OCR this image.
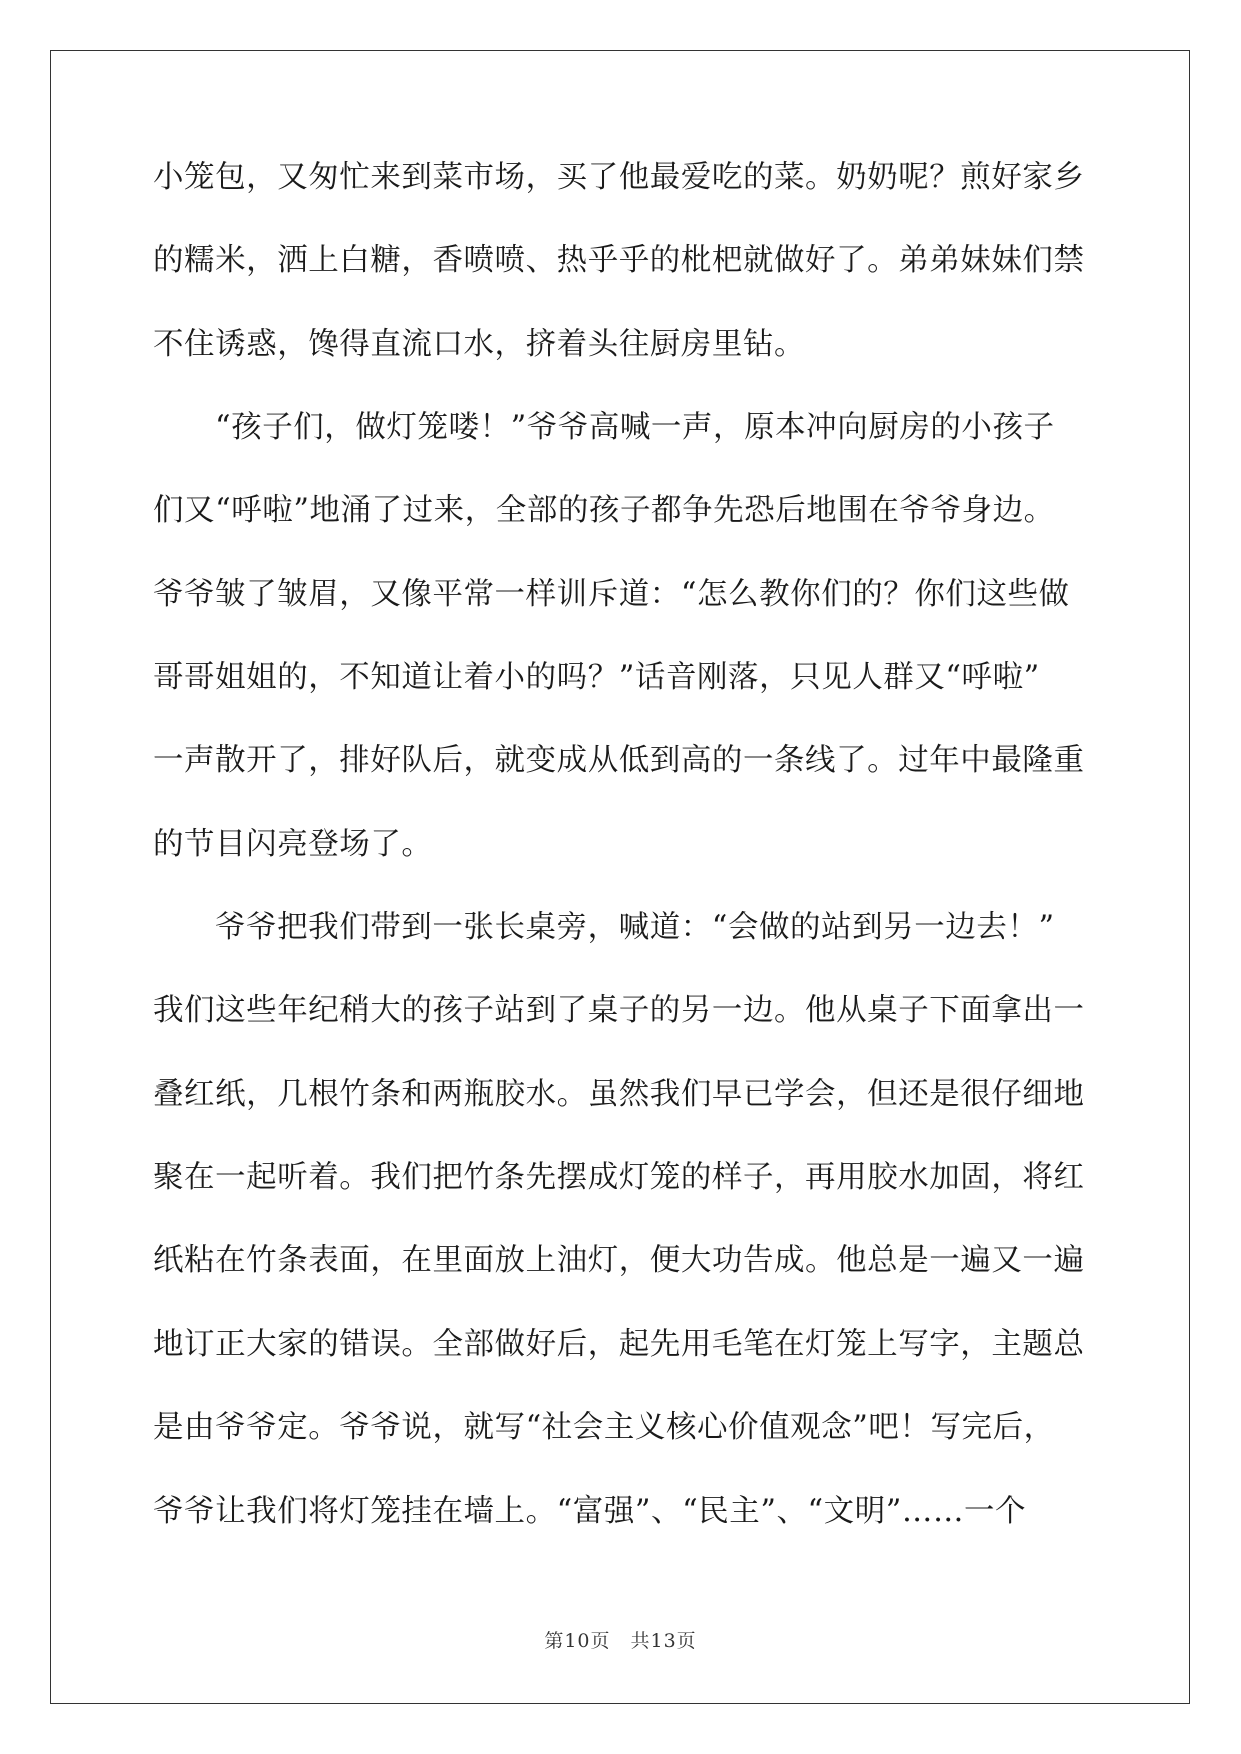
小笼包，又匆忙来到菜市场，买了他最爱吃的菜。奶奶呢？煎好家乡
的糯米，洒上白糖，香喷喷、热乎乎的枇杷就做好了。弟弟妹妹们禁
不住诱惑，馋得直流口水，挤着头往厨房里钻。
“孩子们，做灯笼喽！”爷爷高喊一声，原本冲向厨房的小孩子
们又“呼啦”地涌了过来，全部的孩子都争先恐后地围在爷爷身边。
爷爷皱了皱眉，又像平常一样训斥道：“怎么教你们的？你们这些做
哥哥姐姐的，不知道让着小的吗？”话音刚落，只见人群又“呼啦”
一声散开了，排好队后，就变成从低到高的一条线了。过年中最隆重
的节目闪亮登场了。
爷爷把我们带到一张长桌旁，喊道：“会做的站到另一边去！”
我们这些年纪稍大的孩子站到了桌子的另一边。他从桌子下面拿出一
叠红纸，几根竹条和两瓶胶水。虽然我们早已学会，但还是很仔细地
聚在一起听着。我们把竹条先摆成灯笼的样子，再用胶水加固，将红
纸粘在竹条表面，在里面放上油灯，便大功告成。他总是一遍又一遍
地订正大家的错误。全部做好后，起先用毛笔在灯笼上写字，主题总
是由爷爷定。爷爷说，就写“社会主义核心价值观念”吧！写完后，
爷爷让我们将灯笼挂在墙上。“富强”、“民主”、“文明”……一个
第10页　共13页
